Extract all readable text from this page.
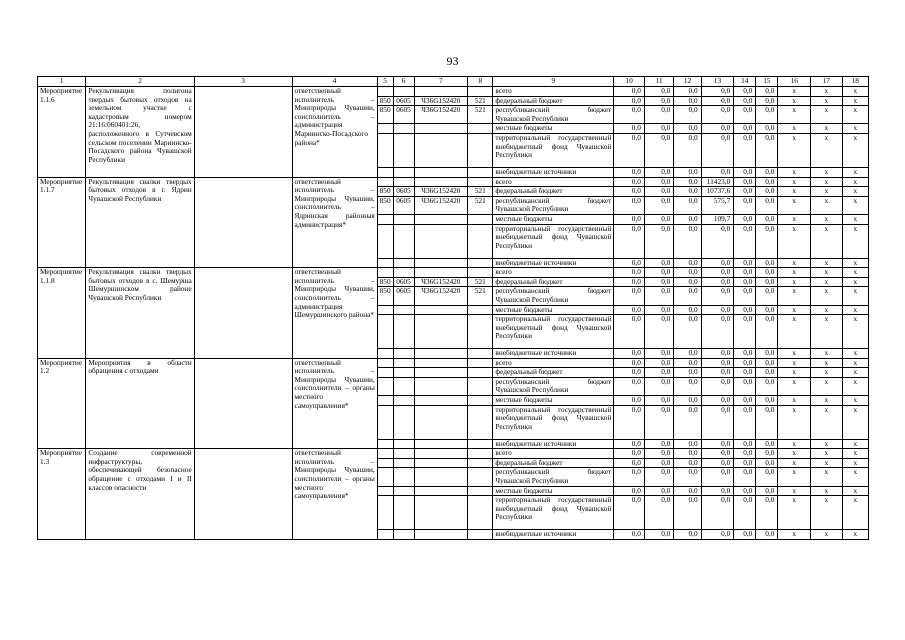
93
1	2	3	4	5	6	7	8	9	10	11	12	13	14	15	16	17	18
Мероприятие 1.1.6	Рекультивация полигона твердых бытовых отходов на земельном участке с кадастровым номером 21:16:060401:26, расположенного в Сутчевском сельском поселении Мариинско-Посадского района Чувашской Республики		ответственный исполнитель – Минприроды Чувашии, соисполнитель – администрация Мариинско-Посадского района*					всего	0,0	0,0	0,0	0,0	0,0	0,0	х	х	х
				850	0605	Ч36G152420	521	федеральный бюджет	0,0	0,0	0,0	0,0	0,0	0,0	х	х	х
				850	0605	Ч36G152420	521	республиканский бюджет Чувашской Республики	0,0	0,0	0,0	0,0	0,0	0,0	х	х	х
								местные бюджеты	0,0	0,0	0,0	0,0	0,0	0,0	х	х	х
								территориальный государственный внебюджетный фонд Чувашской Республики	0,0	0,0	0,0	0,0	0,0	0,0	х	х	х
								внебюджетные источники	0,0	0,0	0,0	0,0	0,0	0,0	х	х	х
Мероприятие 1.1.7	Рекультивация свалки твердых бытовых отходов в г. Ядрин Чувашской Республики		ответственный исполнитель – Минприроды Чувашии, соисполнитель – Ядринская районная администрация*					всего	0,0	0,0	0,0	11423,0	0,0	0,0	х	х	х
				850	0605	Ч36G152420	521	федеральный бюджет	0,0	0,0	0,0	10737,6	0,0	0,0	х	х	х
				850	0605	Ч36G152420	521	республиканский бюджет Чувашской Республики	0,0	0,0	0,0	575,7	0,0	0,0	х	х	х
								местные бюджеты	0,0	0,0	0,0	109,7	0,0	0,0	х	х	х
								территориальный государственный внебюджетный фонд Чувашской Республики	0,0	0,0	0,0	0,0	0,0	0,0	х	х	х
								внебюджетные источники	0,0	0,0	0,0	0,0	0,0	0,0	х	х	х
Мероприятие 1.1.8	Рекультивация свалки твердых бытовых отходов в с. Шемурша Шемуршинском районе Чувашской Республики		ответственный исполнитель – Минприроды Чувашии, соисполнитель – администрация Шемуршинского района*					всего	0,0	0,0	0,0	0,0	0,0	0,0	х	х	х
				850	0605	Ч36G152420	521	федеральный бюджет	0,0	0,0	0,0	0,0	0,0	0,0	х	х	х
				850	0605	Ч36G152420	521	республиканский бюджет Чувашской Республики	0,0	0,0	0,0	0,0	0,0	0,0	х	х	х
								местные бюджеты	0,0	0,0	0,0	0,0	0,0	0,0	х	х	х
								территориальный государственный внебюджетный фонд Чувашской Республики	0,0	0,0	0,0	0,0	0,0	0,0	х	х	х
								внебюджетные источники	0,0	0,0	0,0	0,0	0,0	0,0	х	х	х
Мероприятие 1.2	Мероприятия в области обращения с отходами		ответственный исполнитель – Минприроды Чувашии, соисполнители – органы местного самоуправления*					всего	0,0	0,0	0,0	0,0	0,0	0,0	х	х	х
								федеральный бюджет	0,0	0,0	0,0	0,0	0,0	0,0	х	х	х
								республиканский бюджет Чувашской Республики	0,0	0,0	0,0	0,0	0,0	0,0	х	х	х
								местные бюджеты	0,0	0,0	0,0	0,0	0,0	0,0	х	х	х
								территориальный государственный внебюджетный фонд Чувашской Республики	0,0	0,0	0,0	0,0	0,0	0,0	х	х	х
								внебюджетные источники	0,0	0,0	0,0	0,0	0,0	0,0	х	х	х
Мероприятие 1.3	Создание современной инфраструктуры, обеспечивающей безопасное обращение с отходами I и II классов опасности		ответственный исполнитель – Минприроды Чувашии, соисполнители – органы местного самоуправления*					всего	0,0	0,0	0,0	0,0	0,0	0,0	х	х	х
								федеральный бюджет	0,0	0,0	0,0	0,0	0,0	0,0	х	х	х
								республиканский бюджет Чувашской Республики	0,0	0,0	0,0	0,0	0,0	0,0	х	х	х
								местные бюджеты	0,0	0,0	0,0	0,0	0,0	0,0	х	х	х
								территориальный государственный внебюджетный фонд Чувашской Республики	0,0	0,0	0,0	0,0	0,0	0,0	х	х	х
								внебюджетные источники	0,0	0,0	0,0	0,0	0,0	0,0	х	х	х
